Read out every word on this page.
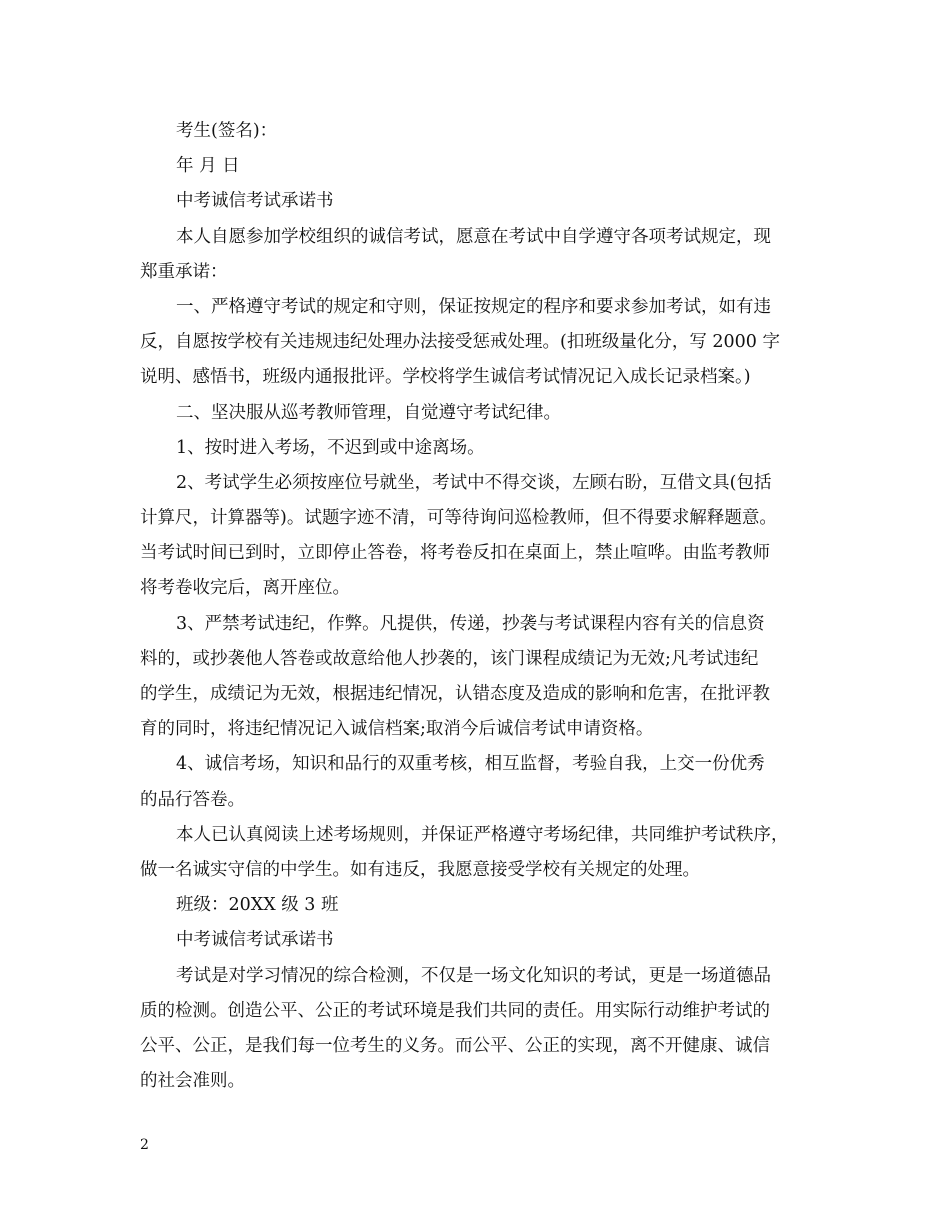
考生(签名)：
年 月 日
中考诚信考试承诺书
本人自愿参加学校组织的诚信考试，愿意在考试中自学遵守各项考试规定，现
郑重承诺：
一、严格遵守考试的规定和守则，保证按规定的程序和要求参加考试，如有违
反，自愿按学校有关违规违纪处理办法接受惩戒处理。(扣班级量化分，写 2000 字
说明、感悟书，班级内通报批评。学校将学生诚信考试情况记入成长记录档案。)
二、坚决服从巡考教师管理，自觉遵守考试纪律。
1、按时进入考场，不迟到或中途离场。
2、考试学生必须按座位号就坐，考试中不得交谈，左顾右盼，互借文具(包括
计算尺，计算器等)。试题字迹不清，可等待询问巡检教师，但不得要求解释题意。
当考试时间已到时，立即停止答卷，将考卷反扣在桌面上，禁止喧哗。由监考教师
将考卷收完后，离开座位。
3、严禁考试违纪，作弊。凡提供，传递，抄袭与考试课程内容有关的信息资
料的，或抄袭他人答卷或故意给他人抄袭的，该门课程成绩记为无效;凡考试违纪
的学生，成绩记为无效，根据违纪情况，认错态度及造成的影响和危害，在批评教
育的同时，将违纪情况记入诚信档案;取消今后诚信考试申请资格。
4、诚信考场，知识和品行的双重考核，相互监督，考验自我，上交一份优秀
的品行答卷。
本人已认真阅读上述考场规则，并保证严格遵守考场纪律，共同维护考试秩序，
做一名诚实守信的中学生。如有违反，我愿意接受学校有关规定的处理。
班级：20XX 级 3 班
中考诚信考试承诺书
考试是对学习情况的综合检测，不仅是一场文化知识的考试，更是一场道德品
质的检测。创造公平、公正的考试环境是我们共同的责任。用实际行动维护考试的
公平、公正，是我们每一位考生的义务。而公平、公正的实现，离不开健康、诚信
的社会准则。
2
